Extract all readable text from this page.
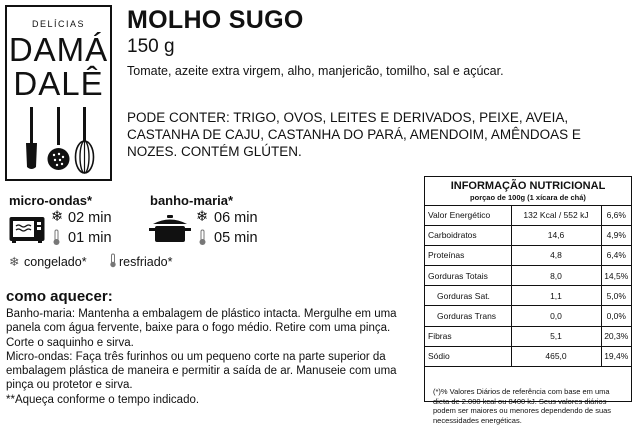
DELÍCIAS
DAMÁ
DALÊ
MOLHO SUGO
150 g
Tomate, azeite extra virgem, alho, manjericão, tomilho, sal e açúcar.
PODE CONTER: TRIGO, OVOS, LEITES E DERIVADOS, PEIXE, AVEIA, CASTANHA DE CAJU, CASTANHA DO PARÁ, AMENDOIM, AMÊNDOAS E NOZES. CONTÉM GLÚTEN.
micro-ondas*
❄ 02 min
01 min
banho-maria*
❄ 06 min
05 min
❄ congelado*	resfriado*
como aquecer:

Banho-maria: Mantenha a embalagem de plástico intacta. Mergulhe em uma panela com água fervente, baixe para o fogo médio. Retire com uma pinça. Corte o saquinho e sirva.

Micro-ondas: Faça três furinhos ou um pequeno corte na parte superior da embalagem plástica de maneira e permitir a saída de ar. Manuseie com uma pinça ou protetor e sirva.

**Aqueça conforme o tempo indicado.

INFORMAÇÃO NUTRICIONAL
porçao de 100g (1 xícara de chá)
Valor Energético	132 Kcal / 552 kJ	6,6%
Carboidratos	14,6	4,9%
Proteínas	4,8	6,4%
Gorduras Totais	8,0	14,5%
Gorduras Sat.	1,1	5,0%
Gorduras Trans	0,0	0,0%
Fibras	5,1	20,3%
Sódio	465,0	19,4%
(*)% Valores Diários de referência com base em uma dieta de 2.000 kcal ou 8400 kJ. Seus valores diários podem ser maiores ou menores dependendo de suas necessidades energéticas.
